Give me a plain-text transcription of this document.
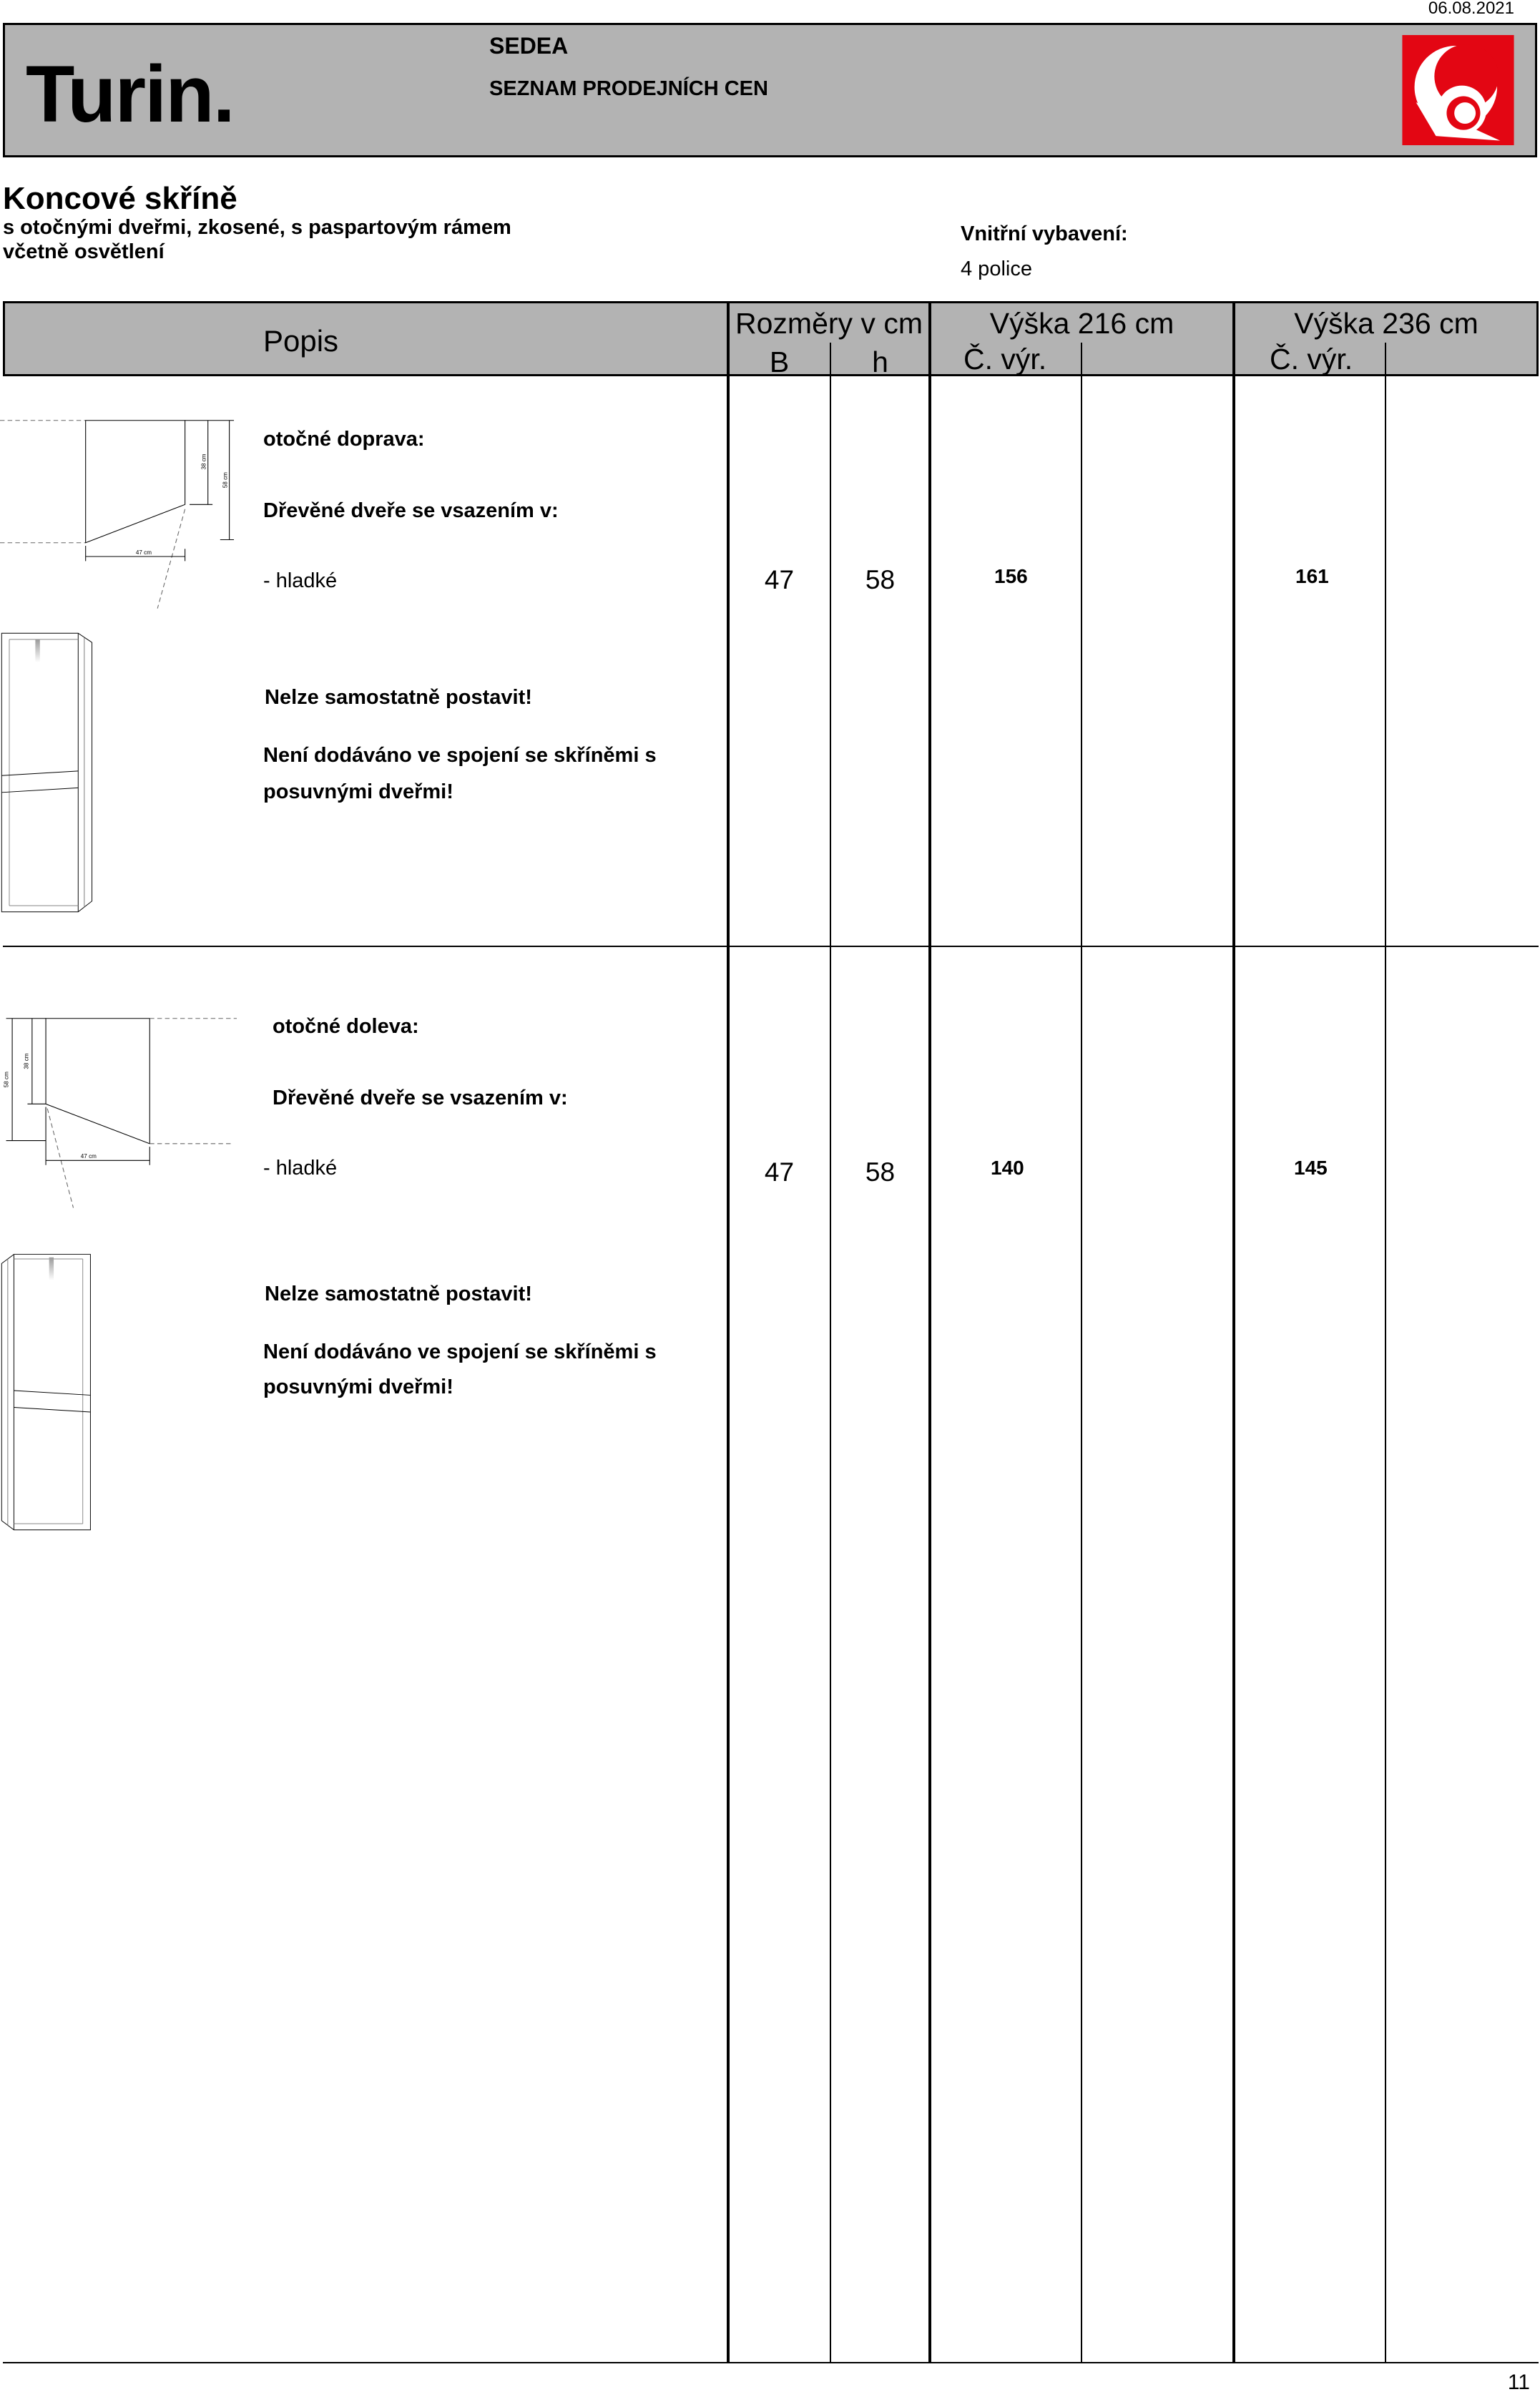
06.08.2021
Turin.
SEDEA
SEZNAM PRODEJNÍCH CEN
Koncové skříně
s otočnými dveřmi, zkosené, s paspartovým rámem
včetně osvětlení
Vnitřní vybavení:
4 police
Popis
Rozměry v cm
B	h
Výška 216 cm
Č. výr.
Výška 236 cm
Č. výr.
38 cm
58 cm
47 cm
otočné doprava:
Dřevěné dveře se vsazením v:
- hladké
Nelze samostatně postavit!
Není dodáváno ve spojení se skříněmi s
posuvnými dveřmi!
47	58	156	161
58 cm
38 cm
47 cm
otočné doleva:
Dřevěné dveře se vsazením v:
- hladké
Nelze samostatně postavit!
Není dodáváno ve spojení se skříněmi s
posuvnými dveřmi!
47	58	140	145
11
